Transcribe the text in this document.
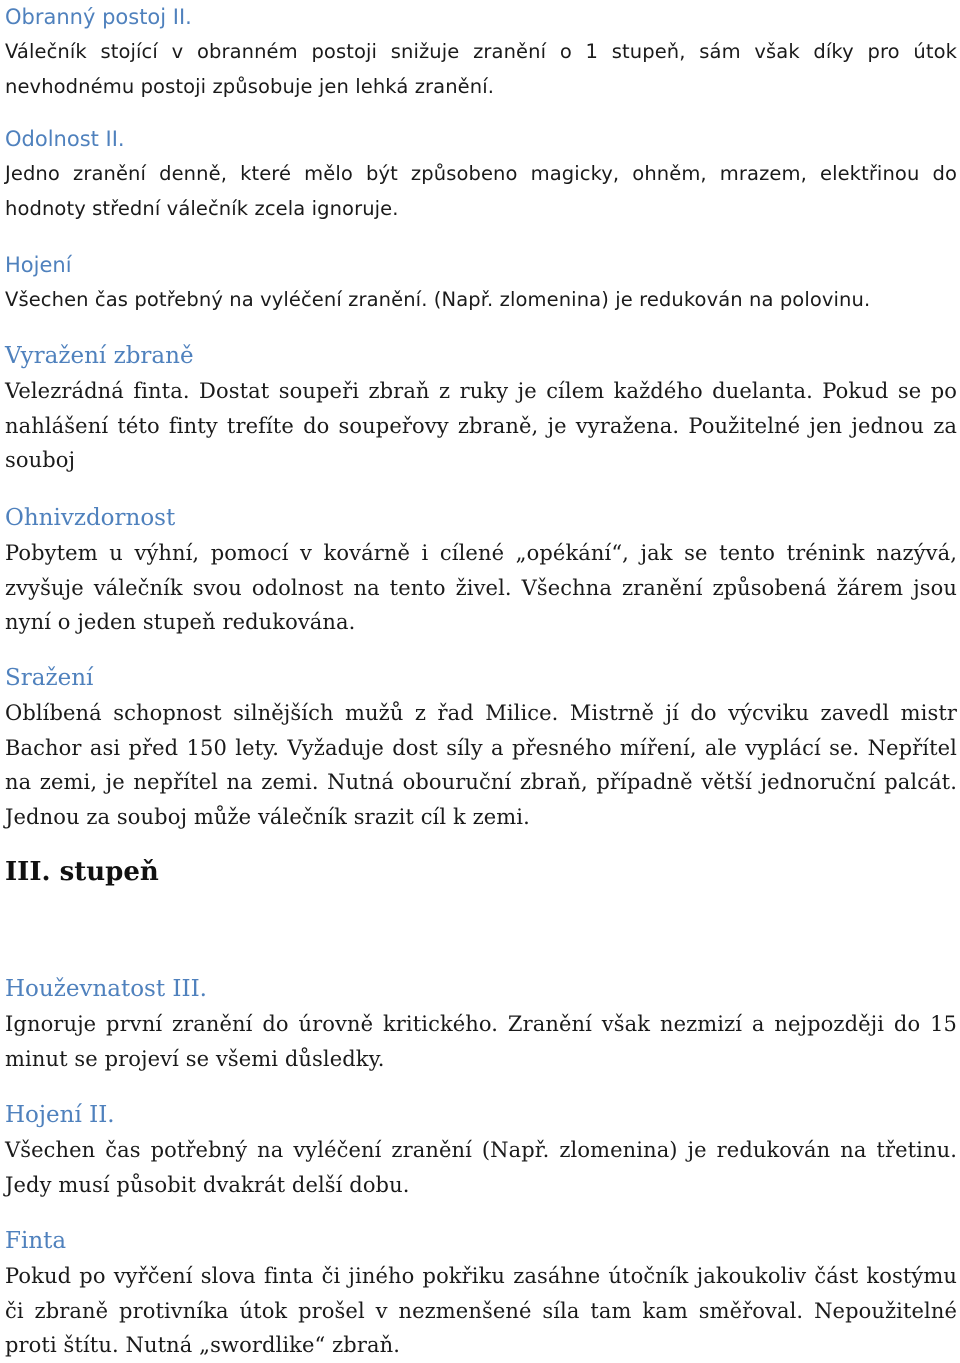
Obranný postoj II.

Válečník stojící v obranném postoji snižuje zranění o 1 stupeň, sám však díky pro útok nevhodnému postoji způsobuje jen lehká zranění.

Odolnost II.

Jedno zranění denně, které mělo být způsobeno magicky, ohněm, mrazem, elektřinou do hodnoty střední válečník zcela ignoruje.

Hojení

Všechen čas potřebný na vyléčení zranění. (Např. zlomenina) je redukován na polovinu.

Vyražení zbraně

Velezrádná finta. Dostat soupeři zbraň z ruky je cílem každého duelanta. Pokud se po nahlášení této finty trefíte do soupeřovy zbraně, je vyražena. Použitelné jen jednou za souboj

Ohnivzdornost

Pobytem u výhní, pomocí v kovárně i cílené „opékání“, jak se tento trénink nazývá, zvyšuje válečník svou odolnost na tento živel. Všechna zranění způsobená žárem jsou nyní o jeden stupeň redukována.

Sražení

Oblíbená schopnost silnějších mužů z řad Milice. Mistrně jí do výcviku zavedl mistr Bachor asi před 150 lety. Vyžaduje dost síly a přesného míření, ale vyplácí se. Nepřítel na zemi, je nepřítel na zemi. Nutná obouruční zbraň, případně větší jednoruční palcát. Jednou za souboj může válečník srazit cíl k zemi.

III. stupeň
Houževnatost III.

Ignoruje první zranění do úrovně kritického. Zranění však nezmizí a nejpozději do 15 minut se projeví se všemi důsledky.

Hojení II.

Všechen čas potřebný na vyléčení zranění (Např. zlomenina) je redukován na třetinu. Jedy musí působit dvakrát delší dobu.

Finta

Pokud po vyřčení slova finta či jiného pokřiku zasáhne útočník jakoukoliv část kostýmu či zbraně protivníka útok prošel v nezmenšené síla tam kam směřoval. Nepoužitelné proti štítu. Nutná „swordlike“ zbraň.
